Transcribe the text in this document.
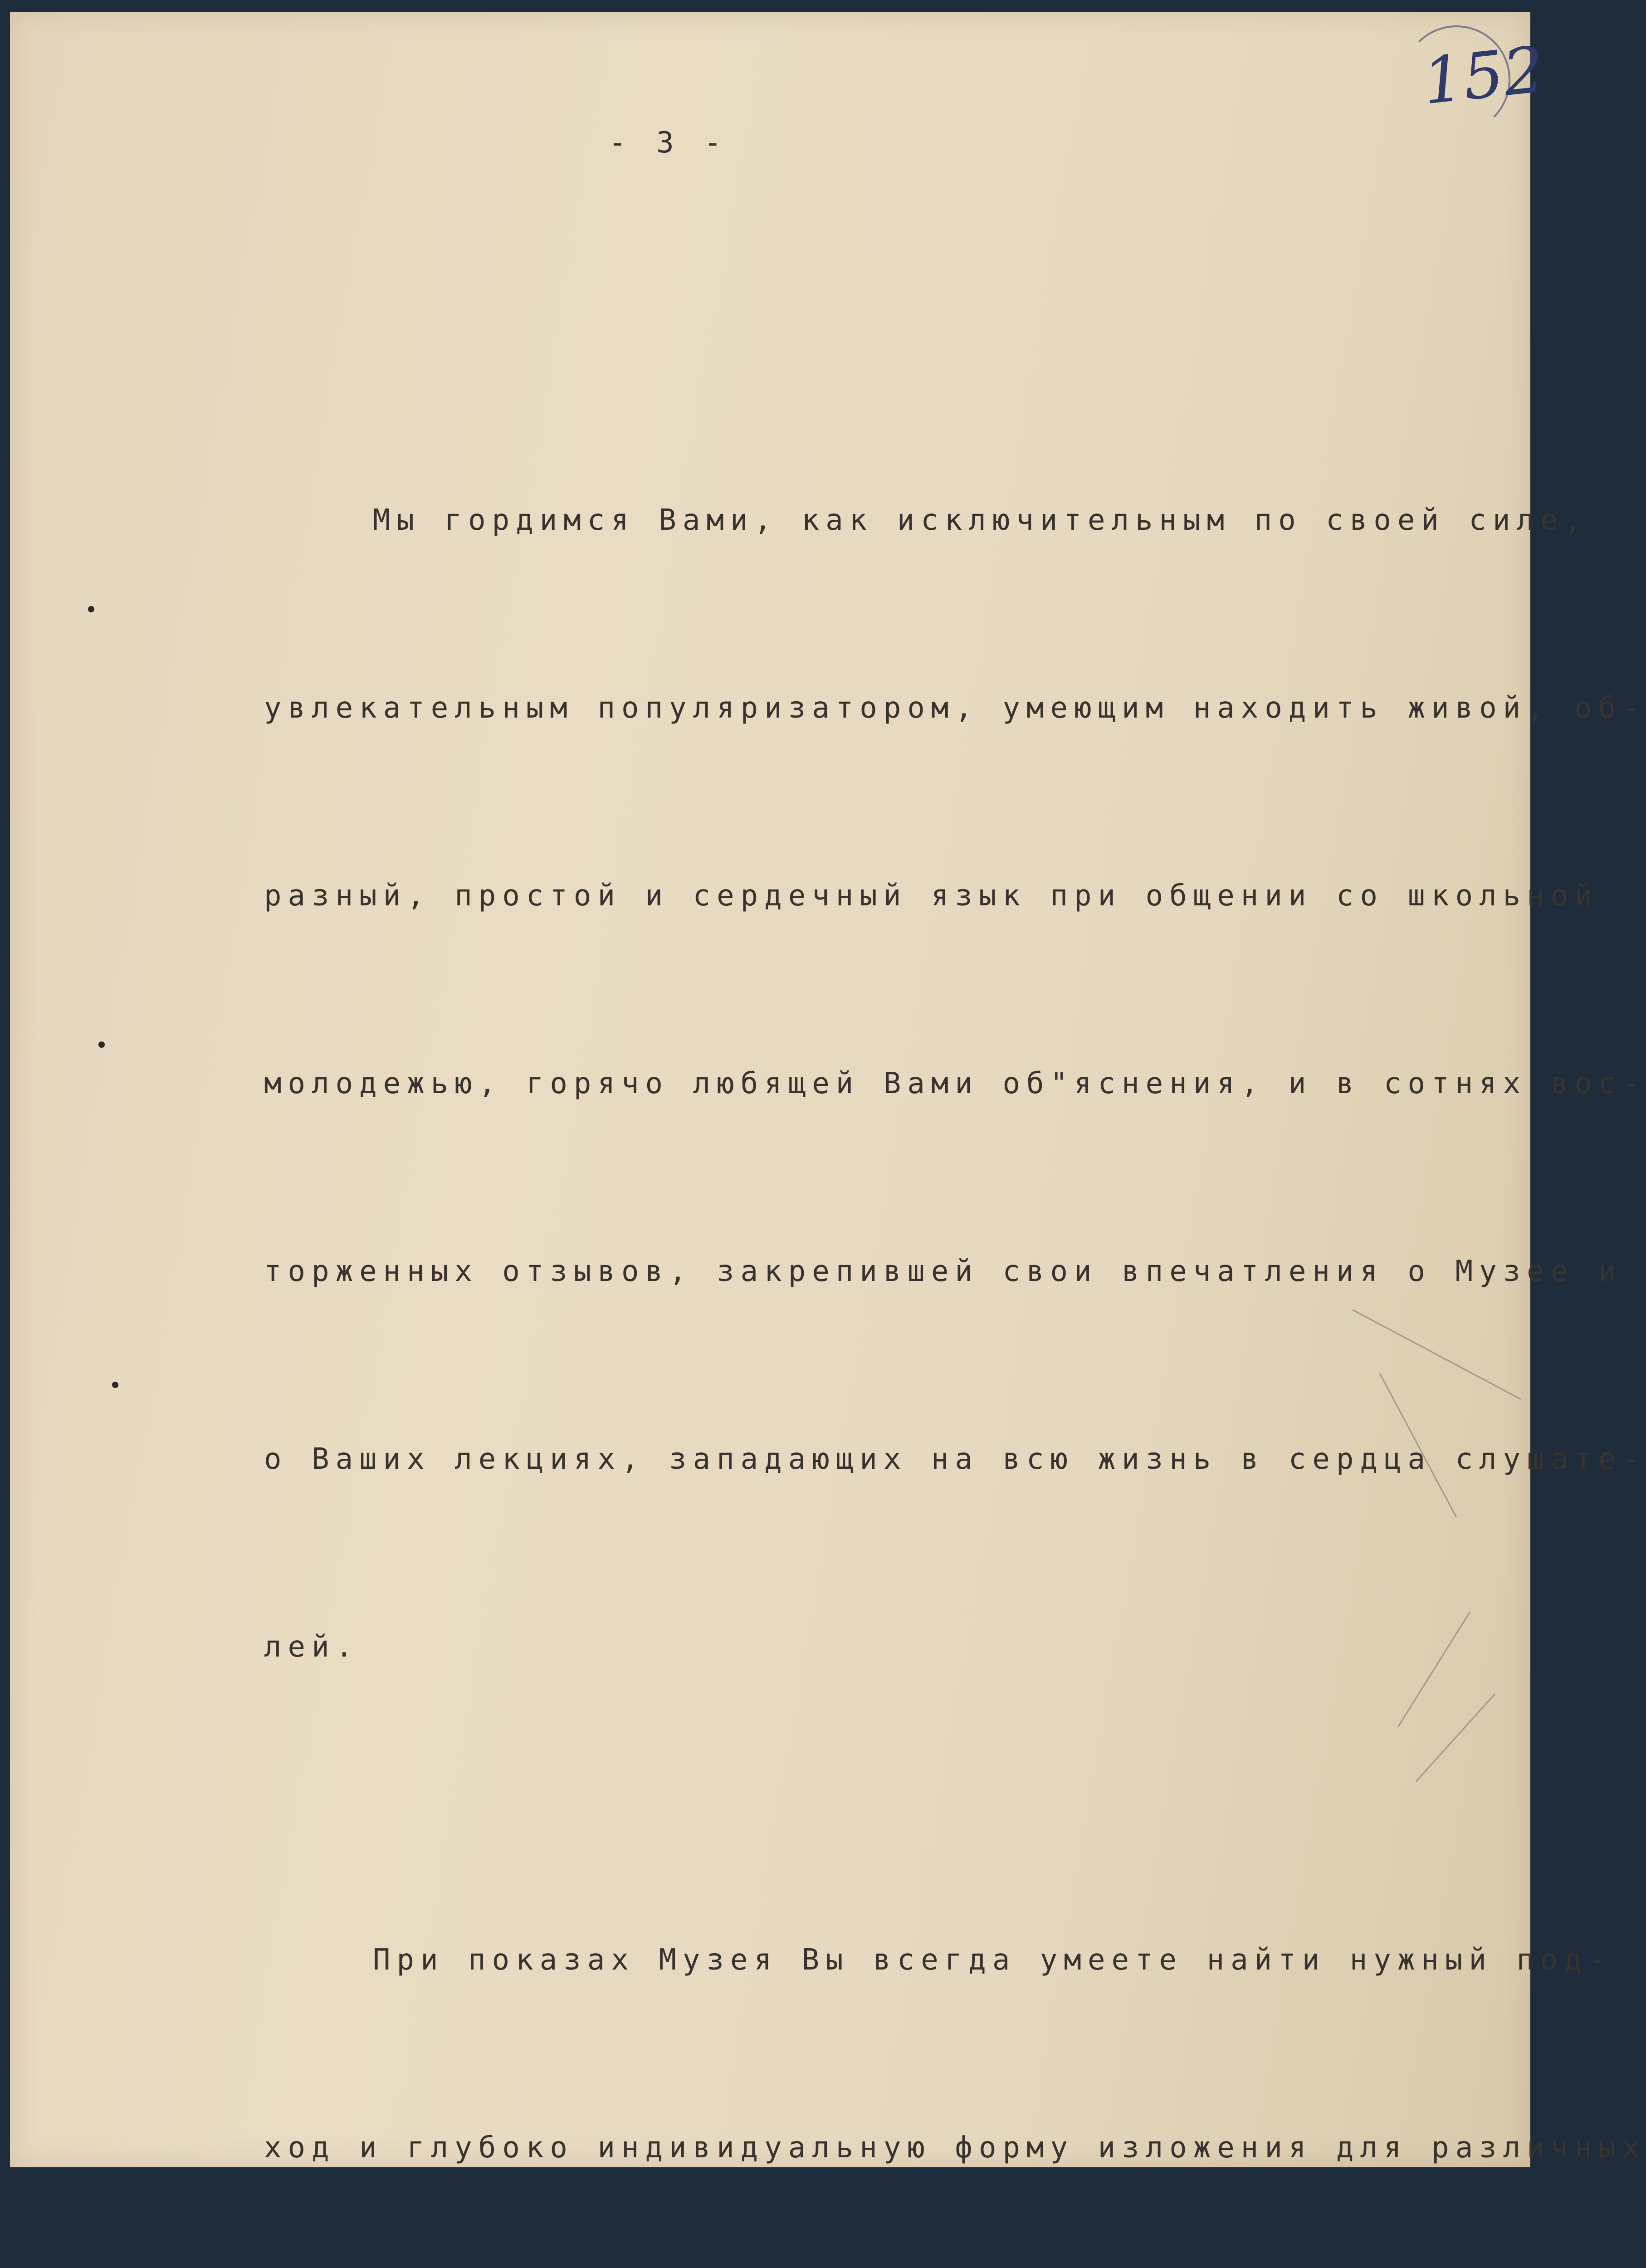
152
- 3 -

Мы гордимся Вами, как исключительным по своей силе,

увлекательным популяризатором, умеющим находить живой, об-

разный, простой и сердечный язык при общении со школьной

молодежью, горячо любящей Вами об"яснения, и в сотнях вос-

торженных отзывов, закрепившей свои впечатления о Музее и

о Ваших лекциях, западающих на всю жизнь в сердца слушате-

лей.

При показах Музея Вы всегда умеете найти нужный под-

ход и глубоко индивидуальную форму изложения для различных
